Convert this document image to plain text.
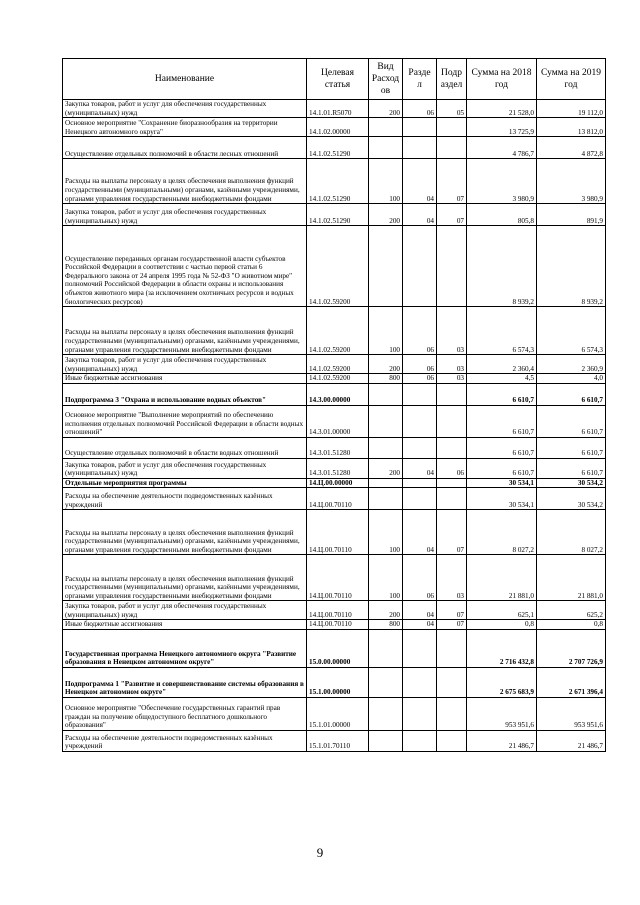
Наименование	Целевая статья	Вид Расход ов	Разде л	Подр аздел	Сумма на 2018 год	Сумма на 2019 год
Закупка товаров, работ и услуг для обеспечения государственных (муниципальных) нужд	14.1.01.R5070	200	06	05	21 528,0	19 112,0
Основное мероприятие "Сохранение биоразнообразия на территории Ненецкого автономного округа"	14.1.02.00000				13 725,9	13 812,0
Осуществление отдельных полномочий в области лесных отношений	14.1.02.51290				4 786,7	4 872,8
Расходы на выплаты персоналу в целях обеспечения выполнения функций государственными (муниципальными) органами, казёнными учреждениями, органами управления государственными внебюджетными фондами	14.1.02.51290	100	04	07	3 980,9	3 980,9
Закупка товаров, работ и услуг для обеспечения государственных (муниципальных) нужд	14.1.02.51290	200	04	07	805,8	891,9
Осуществление переданных органам государственной власти субъектов Российской Федерации в соответствии с частью первой статьи 6 Федерального закона от 24 апреля 1995 года № 52-ФЗ "О животном мире" полномочий Российской Федерации в области охраны и использования объектов животного мира (за исключением охотничьих ресурсов и водных биологических ресурсов)	14.1.02.59200				8 939,2	8 939,2
Расходы на выплаты персоналу в целях обеспечения выполнения функций государственными (муниципальными) органами, казёнными учреждениями, органами управления государственными внебюджетными фондами	14.1.02.59200	100	06	03	6 574,3	6 574,3
Закупка товаров, работ и услуг для обеспечения государственных (муниципальных) нужд	14.1.02.59200	200	06	03	2 360,4	2 360,9
Иные бюджетные ассигнования	14.1.02.59200	800	06	03	4,5	4,0
Подпрограмма 3 "Охрана и использование водных объектов"	14.3.00.00000				6 610,7	6 610,7
Основное мероприятие "Выполнение мероприятий по обеспечению исполнения отдельных полномочий Российской Федерации в области водных отношений"	14.3.01.00000				6 610,7	6 610,7
Осуществление отдельных полномочий в области водных отношений	14.3.01.51280				6 610,7	6 610,7
Закупка товаров, работ и услуг для обеспечения государственных (муниципальных) нужд	14.3.01.51280	200	04	06	6 610,7	6 610,7
Отдельные мероприятия программы	14.Ц.00.00000				30 534,1	30 534,2
Расходы на обеспечение деятельности подведомственных казённых учреждений	14.Ц.00.70110				30 534,1	30 534,2
Расходы на выплаты персоналу в целях обеспечения выполнения функций государственными (муниципальными) органами, казёнными учреждениями, органами управления государственными внебюджетными фондами	14.Ц.00.70110	100	04	07	8 027,2	8 027,2
Расходы на выплаты персоналу в целях обеспечения выполнения функций государственными (муниципальными) органами, казёнными учреждениями, органами управления государственными внебюджетными фондами	14.Ц.00.70110	100	06	03	21 881,0	21 881,0
Закупка товаров, работ и услуг для обеспечения государственных (муниципальных) нужд	14.Ц.00.70110	200	04	07	625,1	625,2
Иные бюджетные ассигнования	14.Ц.00.70110	800	04	07	0,8	0,8
Государственная программа Ненецкого автономного округа "Развитие образования в Ненецком автономном округе"	15.0.00.00000				2 716 432,8	2 707 726,9
Подпрограмма 1 "Развитие и совершенствование системы образования в Ненецком автономном округе"	15.1.00.00000				2 675 683,9	2 671 396,4
Основное мероприятие "Обеспечение государственных гарантий прав граждан на получение общедоступного бесплатного дошкольного образования"	15.1.01.00000				953 951,6	953 951,6
Расходы на обеспечение деятельности подведомственных казённых учреждений	15.1.01.70110				21 486,7	21 486,7
9
